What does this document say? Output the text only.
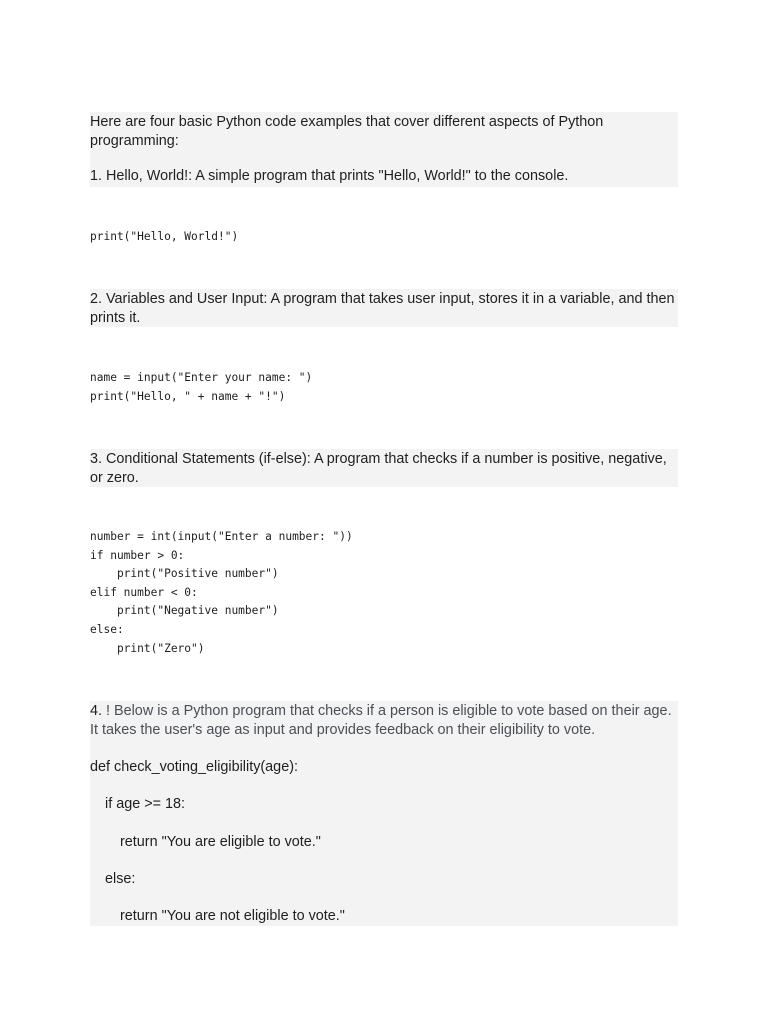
Here are four basic Python code examples that cover different aspects of Python programming:

1. Hello, World!: A simple program that prints "Hello, World!" to the console.

print("Hello, World!")

2. Variables and User Input: A program that takes user input, stores it in a variable, and then prints it.

name = input("Enter your name: ")
print("Hello, " + name + "!")

3. Conditional Statements (if-else): A program that checks if a number is positive, negative, or zero.

number = int(input("Enter a number: "))
if number > 0:
print("Positive number")
elif number < 0:
print("Negative number")
else:
print("Zero")

4. ! Below is a Python program that checks if a person is eligible to vote based on their age. It takes the user's age as input and provides feedback on their eligibility to vote.

def check_voting_eligibility(age):

if age >= 18:

return "You are eligible to vote."

else:

return "You are not eligible to vote."
